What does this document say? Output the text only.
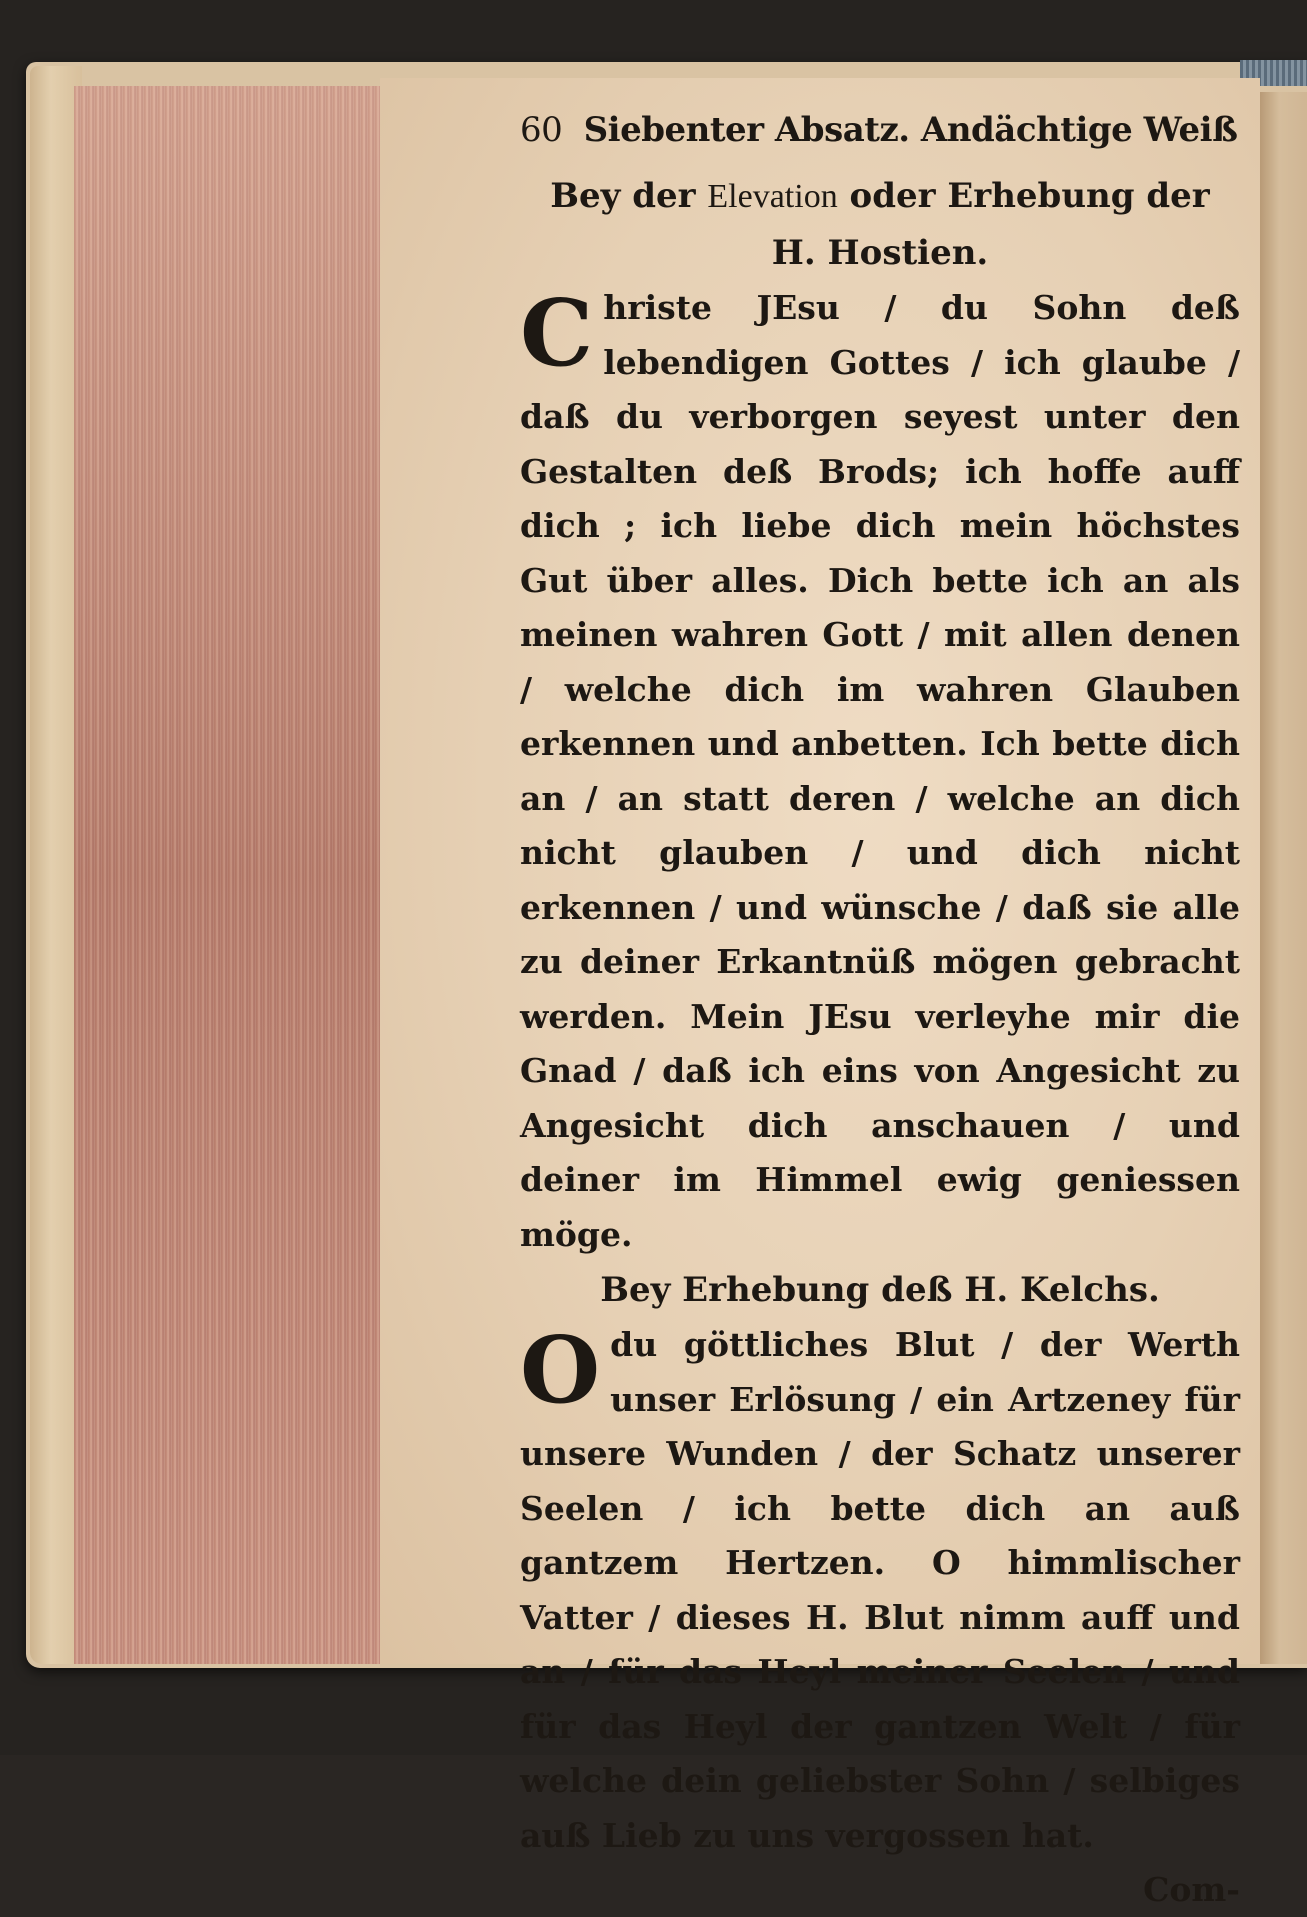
60 Siebenter Absatz. Andächtige Weiß
Bey der Elevation oder Erhebung der
H. Hostien.

C hriste JEsu / du Sohn deß lebendigen Gottes / ich glaube / daß du verborgen seyest unter den Gestalten deß Brods; ich hoffe auff dich ; ich liebe dich mein höchstes Gut über alles. Dich bette ich an als meinen wahren Gott / mit allen denen / welche dich im wahren Glauben erkennen und anbetten. Ich bette dich an / an statt deren / welche an dich nicht glauben / und dich nicht erkennen / und wünsche / daß sie alle zu deiner Erkantnüß mögen gebracht werden. Mein JEsu verleyhe mir die Gnad / daß ich eins von Angesicht zu Angesicht dich anschauen / und deiner im Himmel ewig geniessen möge.

Bey Erhebung deß H. Kelchs.

O du göttliches Blut / der Werth unser Erlösung / ein Artzeney für unsere Wunden / der Schatz unserer Seelen / ich bette dich an auß gantzem Hertzen. O himmlischer Vatter / dieses H. Blut nimm auff und an / für das Heyl meiner Seelen / und für das Heyl der gantzen Welt / für welche dein geliebster Sohn / selbiges auß Lieb zu uns vergossen hat.

Com-
